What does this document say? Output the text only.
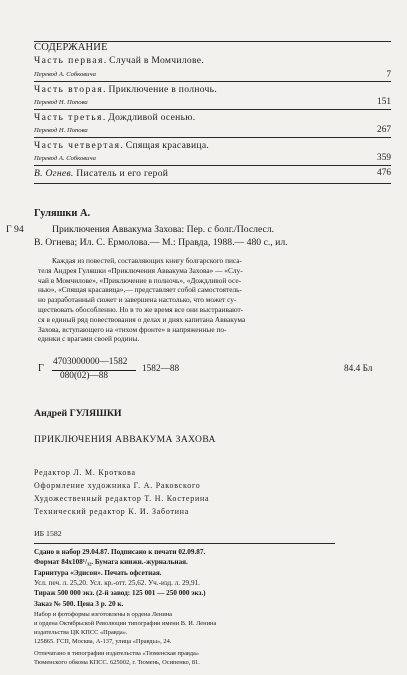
СОДЕРЖАНИЕ
Часть первая. Случай в Момчилове.
Перевод А. Собковича	7
Часть вторая. Приключение в полночь.
Перевод Н. Попова	151
Часть третья. Дождливой осенью.
Перевод Н. Попова	267
Часть четвертая. Спящая красавица.
Перевод А. Собковича	359
В. Огнев. Писатель и его герой	476
Гуляшки А.
Г 94	Приключения Аввакума Захова: Пер. с болг./Послесл.
В. Огнева; Ил. С. Ермолова.— М.: Правда, 1988.— 480 с., ил.
Каждая из повестей, составляющих книгу болгарского писа-
теля Андрея Гуляшки «Приключения Аввакума Захова» — «Слу-
чай в Момчилове», «Приключение в полночь», «Дождливой осе-
нью», «Спящая красавица»,— представляет собой самостоятель-
но разработанный сюжет и завершена настолько, что может су-
ществовать обособленно. Но в то же время все они выстраивают-
ся в единый ряд повествования о делах и днях капитана Аввакума
Захова, вступающего на «тихом фронте» в напряженные по-
единки с врагами своей родины.
Г
4703000000—1582
080(02)—88
1582—88	84.4 Бл
Андрей ГУЛЯШКИ
ПРИКЛЮЧЕНИЯ АВВАКУМА ЗАХОВА
Редактор Л. М. Кроткова
Оформление художника Г. А. Раковского
Художественный редактор Т. Н. Костерина
Технический редактор К. И. Заботина
ИБ 1582
Сдано в набор 29.04.87. Подписано к печати 02.09.87.
Формат 84х108¹/₃₂. Бумага книжн.-журнальная.
Гарнитура «Эдисон». Печать офсетная.
Усл. печ. л. 25,20. Усл. кр.-отт. 25,62. Уч.-изд. л. 29,91.
Тираж 500 000 экз. (2-й завод: 125 001 — 250 000 экз.)
Заказ № 500. Цена 3 р. 20 к.
Набор и фотоформы изготовлены в ордена Ленина
и ордена Октябрьской Революции типографии имени В. И. Ленина
издательства ЦК КПСС «Правда».
125865. ГСП, Москва, А-137, улица «Правды», 24.
Отпечатано в типографии издательства «Тюменская правда»
Тюменского обкома КПСС. 625002, г. Тюмень, Осипенко, 81.
